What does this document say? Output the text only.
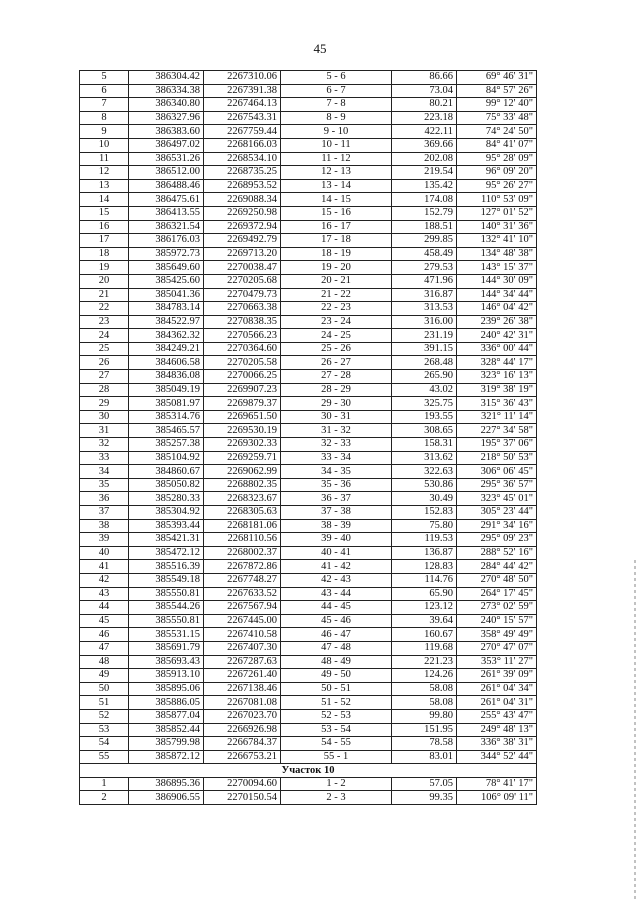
45
5	386304.42	2267310.06	5 - 6	86.66	69° 46' 31"
6	386334.38	2267391.38	6 - 7	73.04	84° 57' 26"
7	386340.80	2267464.13	7 - 8	80.21	99° 12' 40"
8	386327.96	2267543.31	8 - 9	223.18	75° 33' 48"
9	386383.60	2267759.44	9 - 10	422.11	74° 24' 50"
10	386497.02	2268166.03	10 - 11	369.66	84° 41' 07"
11	386531.26	2268534.10	11 - 12	202.08	95° 28' 09"
12	386512.00	2268735.25	12 - 13	219.54	96° 09' 20"
13	386488.46	2268953.52	13 - 14	135.42	95° 26' 27"
14	386475.61	2269088.34	14 - 15	174.08	110° 53' 09"
15	386413.55	2269250.98	15 - 16	152.79	127° 01' 52"
16	386321.54	2269372.94	16 - 17	188.51	140° 31' 36"
17	386176.03	2269492.79	17 - 18	299.85	132° 41' 10"
18	385972.73	2269713.20	18 - 19	458.49	134° 48' 38"
19	385649.60	2270038.47	19 - 20	279.53	143° 15' 37"
20	385425.60	2270205.68	20 - 21	471.96	144° 30' 09"
21	385041.36	2270479.73	21 - 22	316.87	144° 34' 44"
22	384783.14	2270663.38	22 - 23	313.53	146° 04' 42"
23	384522.97	2270838.35	23 - 24	316.00	239° 26' 38"
24	384362.32	2270566.23	24 - 25	231.19	240° 42' 31"
25	384249.21	2270364.60	25 - 26	391.15	336° 00' 44"
26	384606.58	2270205.58	26 - 27	268.48	328° 44' 17"
27	384836.08	2270066.25	27 - 28	265.90	323° 16' 13"
28	385049.19	2269907.23	28 - 29	43.02	319° 38' 19"
29	385081.97	2269879.37	29 - 30	325.75	315° 36' 43"
30	385314.76	2269651.50	30 - 31	193.55	321° 11' 14"
31	385465.57	2269530.19	31 - 32	308.65	227° 34' 58"
32	385257.38	2269302.33	32 - 33	158.31	195° 37' 06"
33	385104.92	2269259.71	33 - 34	313.62	218° 50' 53"
34	384860.67	2269062.99	34 - 35	322.63	306° 06' 45"
35	385050.82	2268802.35	35 - 36	530.86	295° 36' 57"
36	385280.33	2268323.67	36 - 37	30.49	323° 45' 01"
37	385304.92	2268305.63	37 - 38	152.83	305° 23' 44"
38	385393.44	2268181.06	38 - 39	75.80	291° 34' 16"
39	385421.31	2268110.56	39 - 40	119.53	295° 09' 23"
40	385472.12	2268002.37	40 - 41	136.87	288° 52' 16"
41	385516.39	2267872.86	41 - 42	128.83	284° 44' 42"
42	385549.18	2267748.27	42 - 43	114.76	270° 48' 50"
43	385550.81	2267633.52	43 - 44	65.90	264° 17' 45"
44	385544.26	2267567.94	44 - 45	123.12	273° 02' 59"
45	385550.81	2267445.00	45 - 46	39.64	240° 15' 57"
46	385531.15	2267410.58	46 - 47	160.67	358° 49' 49"
47	385691.79	2267407.30	47 - 48	119.68	270° 47' 07"
48	385693.43	2267287.63	48 - 49	221.23	353° 11' 27"
49	385913.10	2267261.40	49 - 50	124.26	261° 39' 09"
50	385895.06	2267138.46	50 - 51	58.08	261° 04' 34"
51	385886.05	2267081.08	51 - 52	58.08	261° 04' 31"
52	385877.04	2267023.70	52 - 53	99.80	255° 43' 47"
53	385852.44	2266926.98	53 - 54	151.95	249° 48' 13"
54	385799.98	2266784.37	54 - 55	78.58	336° 38' 31"
55	385872.12	2266753.21	55 - 1	83.01	344° 52' 44"
Участок 10					
1	386895.36	2270094.60	1 - 2	57.05	78° 41' 17"
2	386906.55	2270150.54	2 - 3	99.35	106° 09' 11"
